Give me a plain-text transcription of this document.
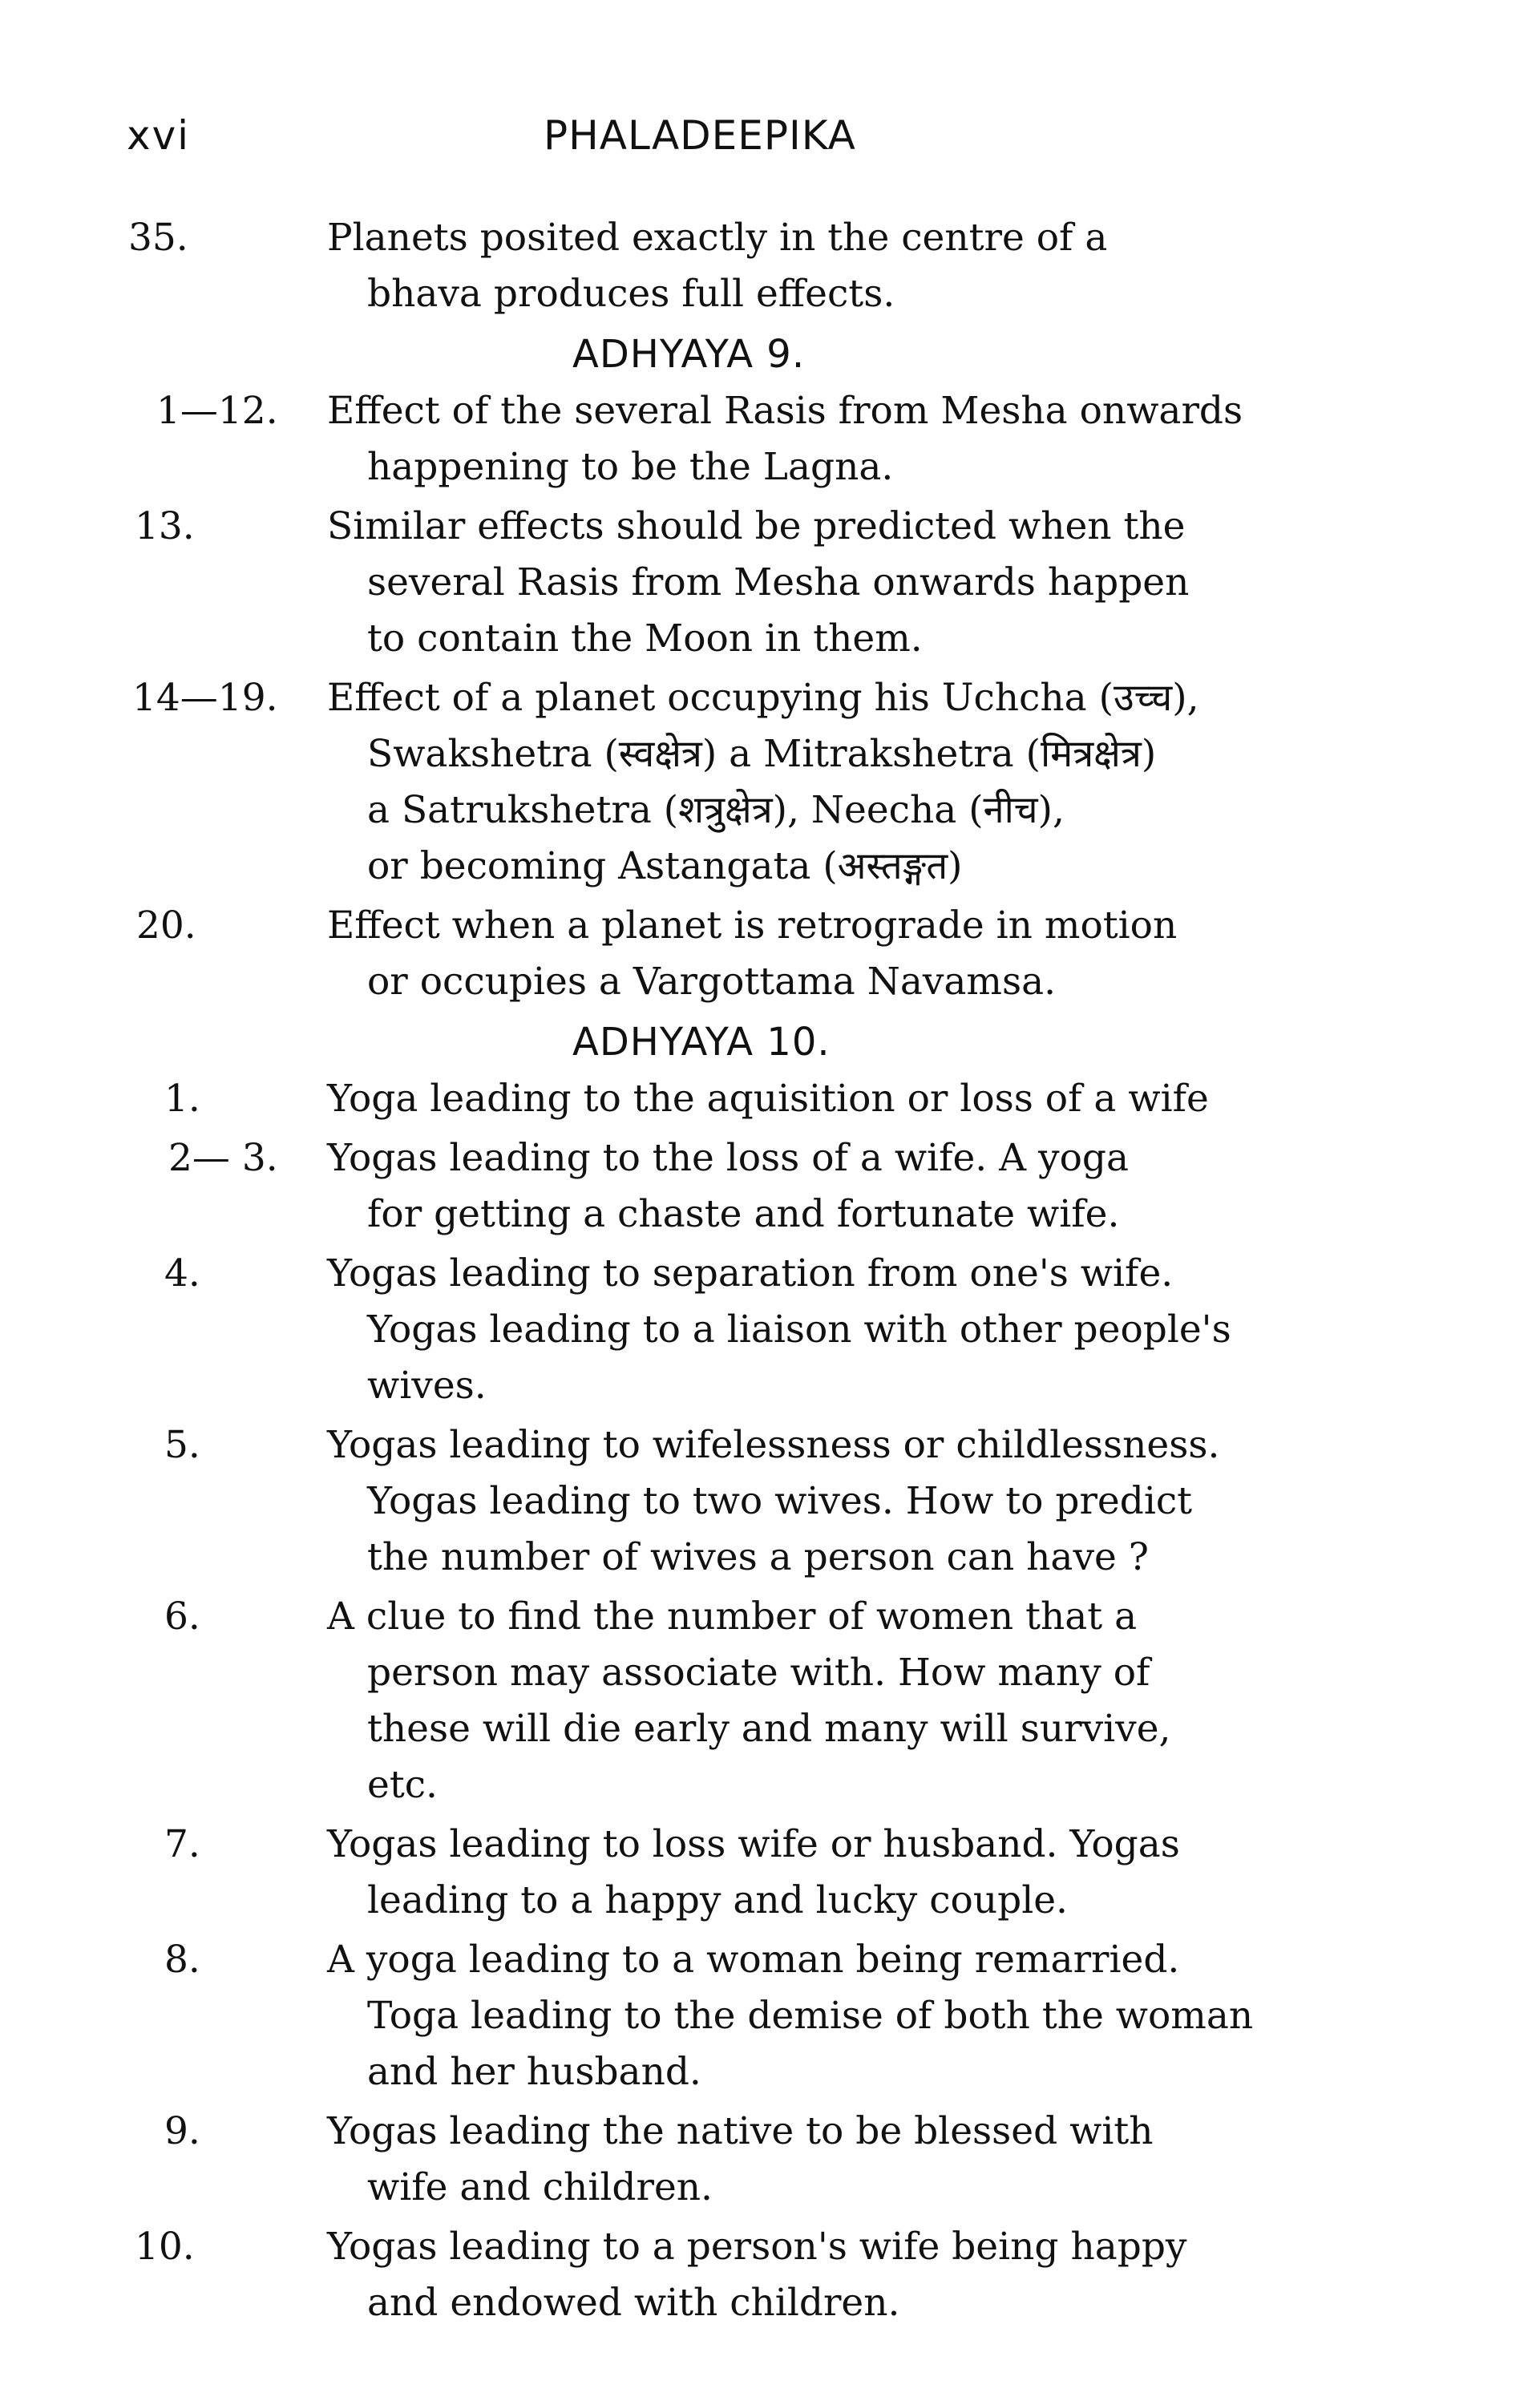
xvi	PHALADEEPIKA
35.	Planets posited exactly in the centre of a
bhava produces full effects.
ADHYAYA 9.
1—12.	Effect of the several Rasis from Mesha onwards
happening to be the Lagna.
13.	Similar effects should be predicted when the
several Rasis from Mesha onwards happen
to contain the Moon in them.
14—19.	Effect of a planet occupying his Uchcha (उच्च),
Swakshetra (स्वक्षेत्र) a Mitrakshetra (मित्रक्षेत्र)
a Satrukshetra (शत्रुक्षेत्र), Neecha (नीच),
or becoming Astangata (अस्तङ्गत)
20.	Effect when a planet is retrograde in motion
or occupies a Vargottama Navamsa.
ADHYAYA 10.
1.	Yoga leading to the aquisition or loss of a wife
2— 3.	Yogas leading to the loss of a wife. A yoga
for getting a chaste and fortunate wife.
4.	Yogas leading to separation from one's wife.
Yogas leading to a liaison with other people's
wives.
5.	Yogas leading to wifelessness or childlessness.
Yogas leading to two wives. How to predict
the number of wives a person can have ?
6.	A clue to find the number of women that a
person may associate with. How many of
these will die early and many will survive,
etc.
7.	Yogas leading to loss wife or husband. Yogas
leading to a happy and lucky couple.
8.	A yoga leading to a woman being remarried.
Toga leading to the demise of both the woman
and her husband.
9.	Yogas leading the native to be blessed with
wife and children.
10.	Yogas leading to a person's wife being happy
and endowed with children.
